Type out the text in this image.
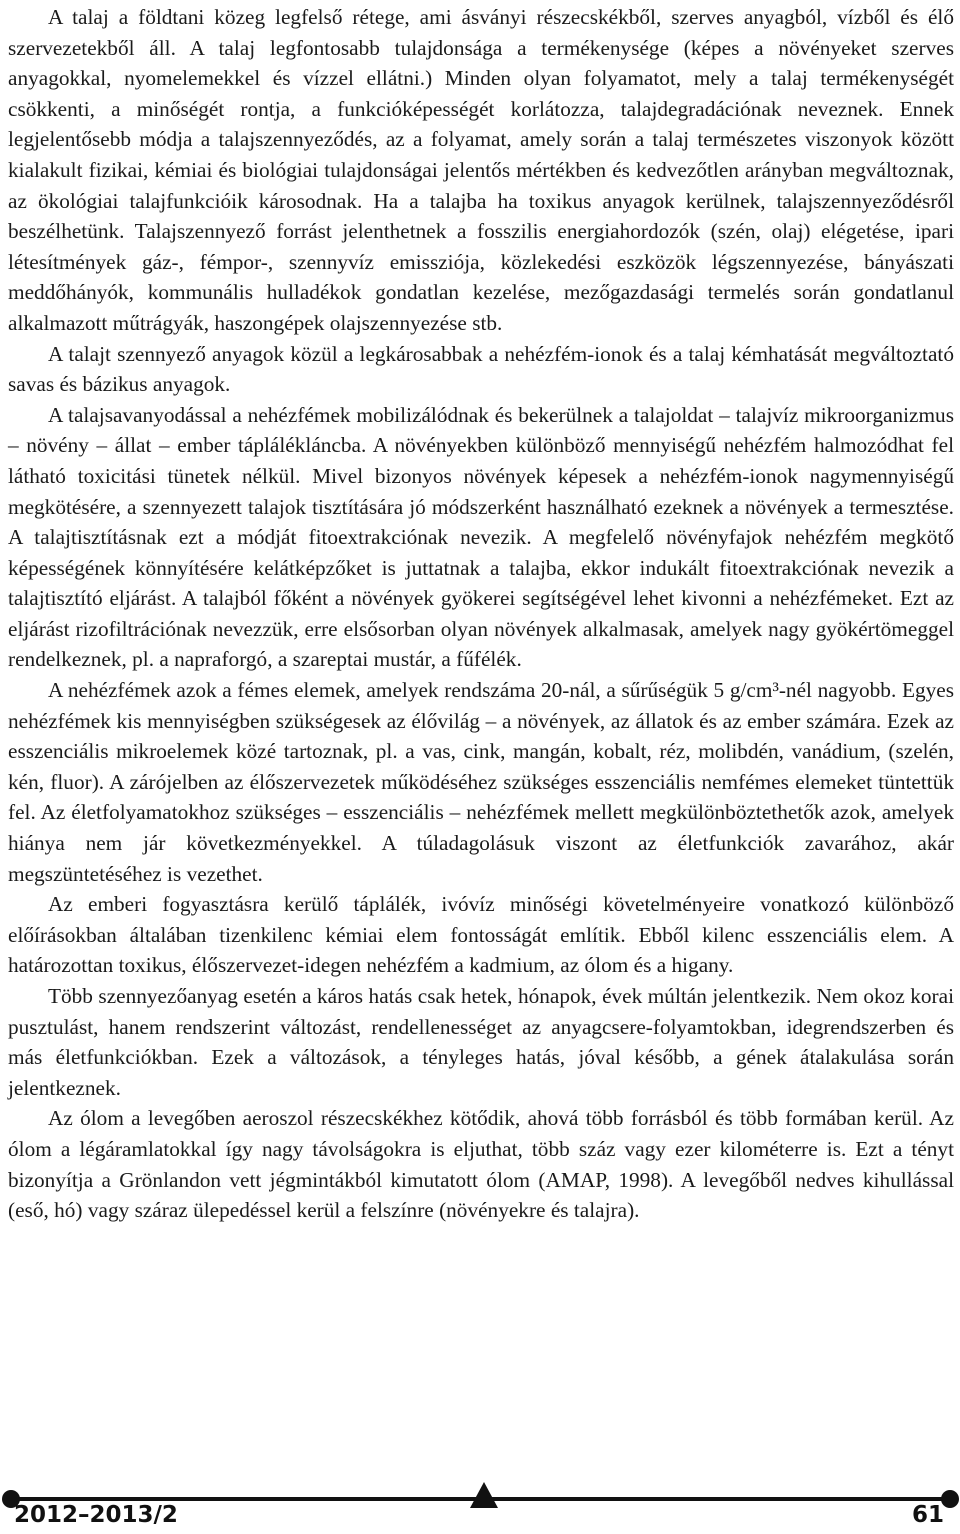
A talaj a földtani közeg legfelső rétege, ami ásványi részecskékből, szerves anyagból, vízből és élő szervezetekből áll. A talaj legfontosabb tulajdonsága a termékenysége (képes a növényeket szerves anyagokkal, nyomelemekkel és vízzel ellátni.) Minden olyan folyamatot, mely a talaj termékenységét csökkenti, a minőségét rontja, a funkcióképességét korlátozza, talajdegradációnak neveznek. Ennek legjelentősebb módja a talajszennyeződés, az a folyamat, amely során a talaj természetes viszonyok között kialakult fizikai, kémiai és biológiai tulajdonságai jelentős mértékben és kedvezőtlen arányban megváltoznak, az ökológiai talajfunkcióik károsodnak. Ha a talajba ha toxikus anyagok kerülnek, talajszennyeződésről beszélhetünk. Talajszennyező forrást jelenthetnek a fosszilis energiahordozók (szén, olaj) elégetése, ipari létesítmények gáz-, fémpor-, szennyvíz emissziója, közlekedési eszközök légszennyezése, bányászati meddőhányók, kommunális hulladékok gondatlan kezelése, mezőgazdasági termelés során gondatlanul alkalmazott műtrágyák, haszongépek olajszennyezése stb.

A talajt szennyező anyagok közül a legkárosabbak a nehézfém-ionok és a talaj kémhatását megváltoztató savas és bázikus anyagok.

A talajsavanyodással a nehézfémek mobilizálódnak és bekerülnek a talajoldat – talajvíz mikroorganizmus – növény – állat – ember táplálékláncba. A növényekben különböző mennyiségű nehézfém halmozódhat fel látható toxicitási tünetek nélkül. Mivel bizonyos növények képesek a nehézfém-ionok nagymennyiségű megkötésére, a szennyezett talajok tisztítására jó módszerként használható ezeknek a növények a termesztése. A talajtisztításnak ezt a módját fitoextrakciónak nevezik. A megfelelő növényfajok nehézfém megkötő képességének könnyítésére kelátképzőket is juttatnak a talajba, ekkor indukált fitoextrakciónak nevezik a talajtisztító eljárást. A talajból főként a növények gyökerei segítségével lehet kivonni a nehézfémeket. Ezt az eljárást rizofiltrációnak nevezzük, erre elsősorban olyan növények alkalmasak, amelyek nagy gyökértömeggel rendelkeznek, pl. a napraforgó, a szareptai mustár, a fűfélék.

A nehézfémek azok a fémes elemek, amelyek rendszáma 20-nál, a sűrűségük 5 g/cm³-nél nagyobb. Egyes nehézfémek kis mennyiségben szükségesek az élővilág – a növények, az állatok és az ember számára. Ezek az esszenciális mikroelemek közé tartoznak, pl. a vas, cink, mangán, kobalt, réz, molibdén, vanádium, (szelén, kén, fluor). A zárójelben az élőszervezetek működéséhez szükséges esszenciális nemfémes elemeket tüntettük fel. Az életfolyamatokhoz szükséges – esszenciális – nehézfémek mellett megkülönböztethetők azok, amelyek hiánya nem jár következményekkel. A túladagolásuk viszont az életfunkciók zavarához, akár megszüntetéséhez is vezethet.

Az emberi fogyasztásra kerülő táplálék, ivóvíz minőségi követelményeire vonatkozó különböző előírásokban általában tizenkilenc kémiai elem fontosságát említik. Ebből kilenc esszenciális elem. A határozottan toxikus, élőszervezet-idegen nehézfém a kadmium, az ólom és a higany.

Több szennyezőanyag esetén a káros hatás csak hetek, hónapok, évek múltán jelentkezik. Nem okoz korai pusztulást, hanem rendszerint változást, rendellenességet az anyagcsere-folyamtokban, idegrendszerben és más életfunkciókban. Ezek a változások, a tényleges hatás, jóval később, a gének átalakulása során jelentkeznek.

Az ólom a levegőben aeroszol részecskékhez kötődik, ahová több forrásból és több formában kerül. Az ólom a légáramlatokkal így nagy távolságokra is eljuthat, több száz vagy ezer kilométerre is. Ezt a tényt bizonyítja a Grönlandon vett jégmintákból kimutatott ólom (AMAP, 1998). A levegőből nedves kihullással (eső, hó) vagy száraz ülepedéssel kerül a felszínre (növényekre és talajra).

2012–2013/2	61
